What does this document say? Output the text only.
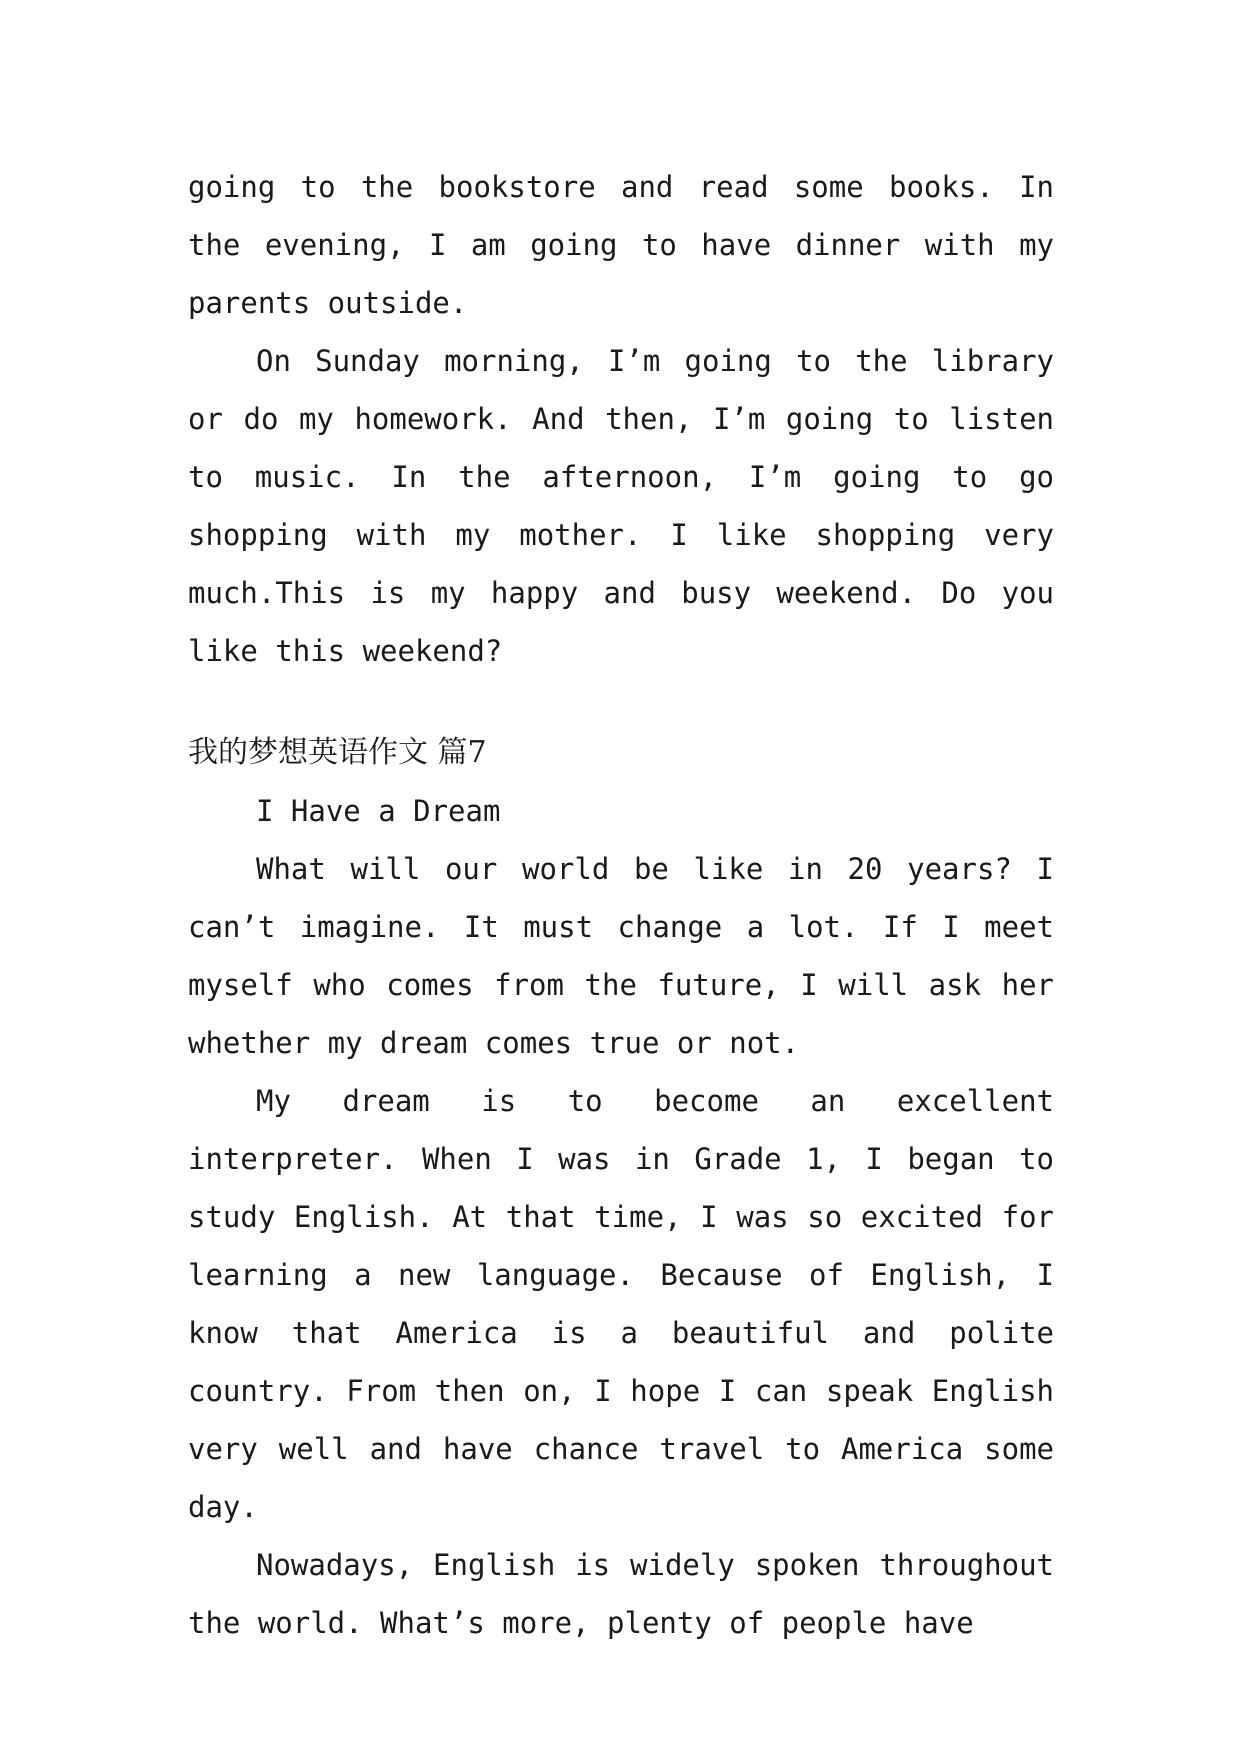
going to the bookstore and read some books. In the evening, I am going to have dinner with my parents outside.

On Sunday morning, I’m going to the library or do my homework. And then, I’m going to listen to music. In the afternoon, I’m going to go shopping with my mother. I like shopping very much.This is my happy and busy weekend. Do you like this weekend?

我的梦想英语作文 篇7

I Have a Dream

What will our world be like in 20 years? I can’t imagine. It must change a lot. If I meet myself who comes from the future, I will ask her whether my dream comes true or not.

My dream is to become an excellent interpreter. When I was in Grade 1, I began to study English. At that time, I was so excited for learning a new language. Because of English, I know that America is a beautiful and polite country. From then on, I hope I can speak English very well and have chance travel to America some day.

Nowadays, English is widely spoken throughout the world. What’s more, plenty of people have
